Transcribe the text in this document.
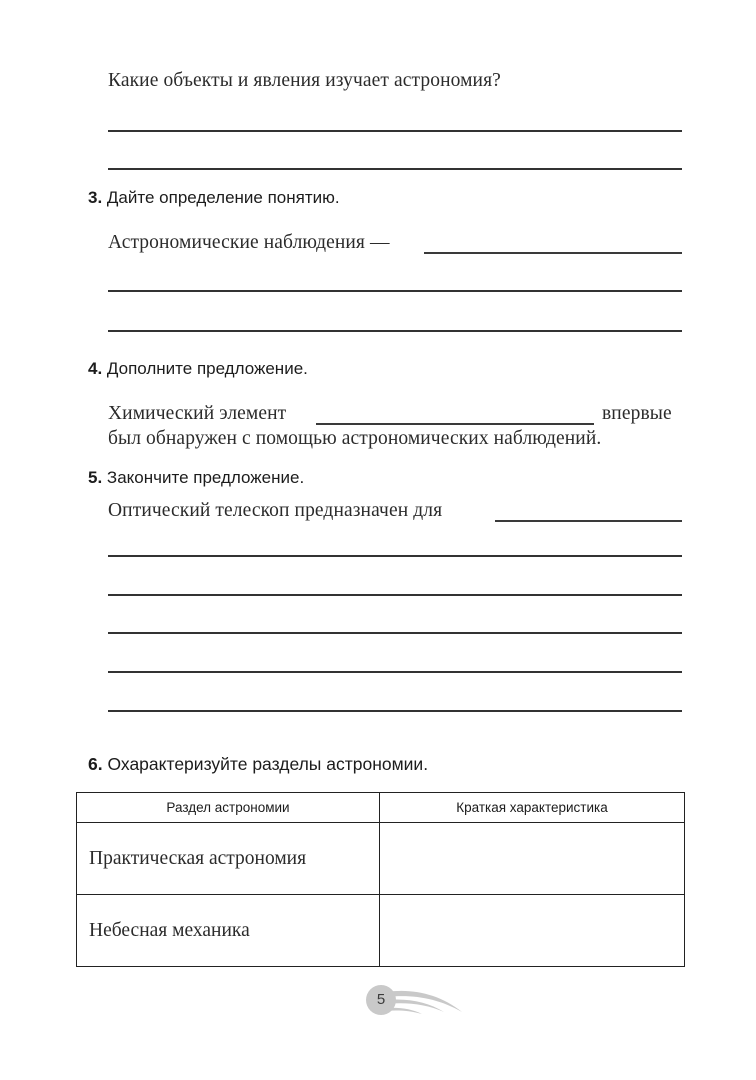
Какие объекты и явления изучает астрономия?
3. Дайте определение понятию.
Астрономические наблюдения —
4. Дополните предложение.
Химический элемент	впервые
был обнаружен с помощью астрономических наблюдений.
5. Закончите предложение.
Оптический телескоп предназначен для
6. Охарактеризуйте разделы астрономии.
Раздел астрономии	Краткая характеристика
Практическая астрономия	
Небесная механика	
5
